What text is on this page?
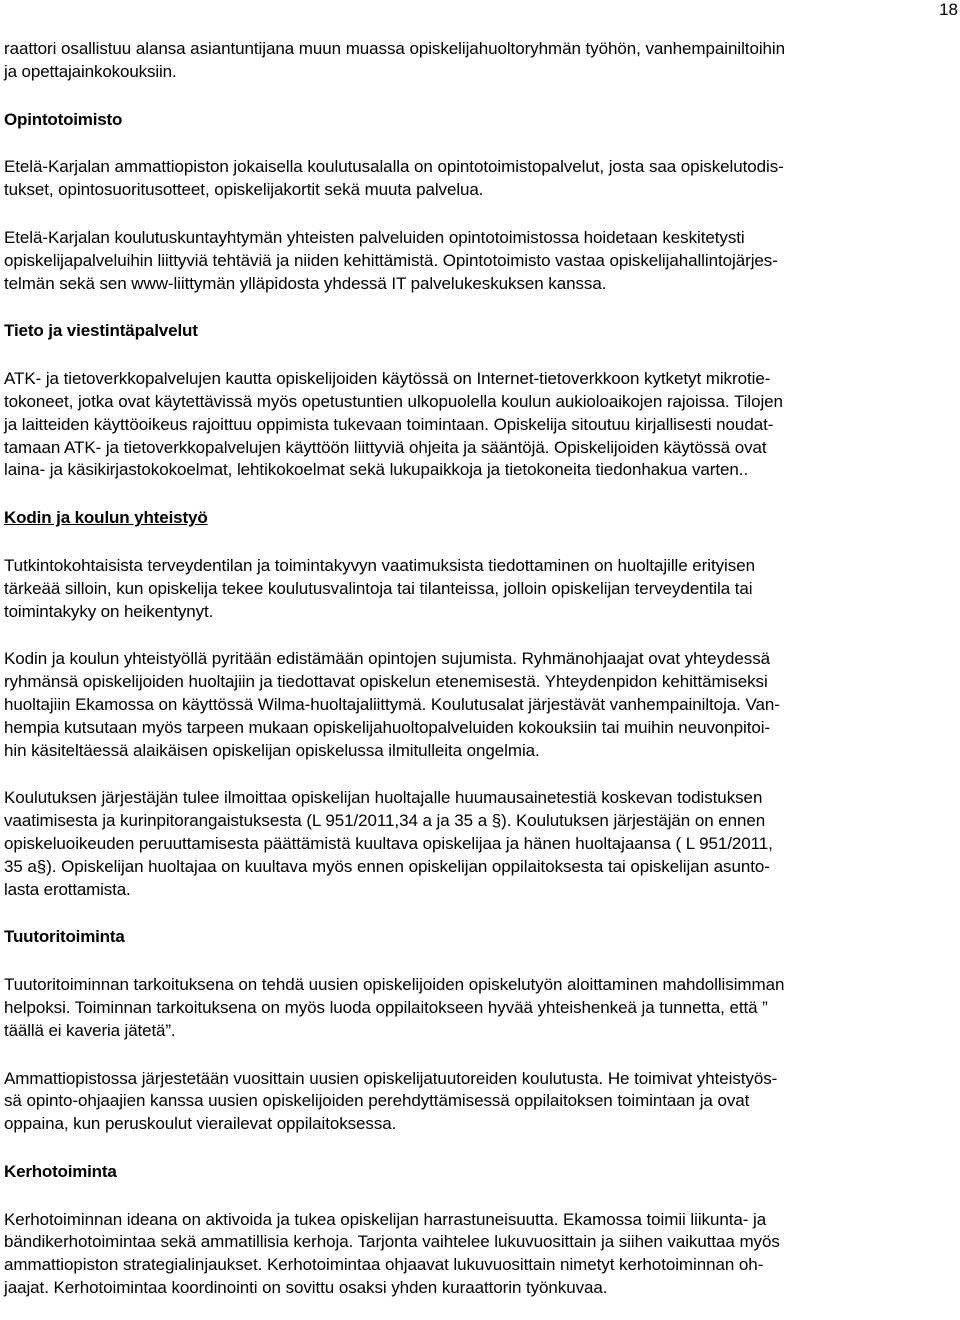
18
raattori osallistuu alansa asiantuntijana muun muassa opiskelijahuoltoryhmän työhön, vanhempainiltoihin
ja opettajainkokouksiin.
Opintotoimisto
Etelä-Karjalan ammattiopiston jokaisella koulutusalalla on opintotoimistopalvelut, josta saa opiskelutodis-
tukset, opintosuoritusotteet, opiskelijakortit sekä muuta palvelua.
Etelä-Karjalan koulutuskuntayhtymän yhteisten palveluiden opintotoimistossa hoidetaan keskitetysti
opiskelijapalveluihin liittyviä tehtäviä ja niiden kehittämistä. Opintotoimisto vastaa opiskelijahallintojärjes-
telmän sekä sen www-liittymän ylläpidosta yhdessä IT palvelukeskuksen kanssa.
Tieto ja viestintäpalvelut
ATK- ja tietoverkkopalvelujen kautta opiskelijoiden käytössä on Internet-tietoverkkoon kytketyt mikrotie-
tokoneet, jotka ovat käytettävissä myös opetustuntien ulkopuolella koulun aukioloaikojen rajoissa. Tilojen
ja laitteiden käyttöoikeus rajoittuu oppimista tukevaan toimintaan. Opiskelija sitoutuu kirjallisesti noudat-
tamaan ATK- ja tietoverkkopalvelujen käyttöön liittyviä ohjeita ja sääntöjä. Opiskelijoiden käytössä ovat
laina- ja käsikirjastokokoelmat, lehtikokoelmat sekä lukupaikkoja ja tietokoneita tiedonhakua varten..
Kodin ja koulun yhteistyö
Tutkintokohtaisista terveydentilan ja toimintakyvyn vaatimuksista tiedottaminen on huoltajille erityisen
tärkeää silloin, kun opiskelija tekee koulutusvalintoja tai tilanteissa, jolloin opiskelijan terveydentila tai
toimintakyky on heikentynyt.
Kodin ja koulun yhteistyöllä pyritään edistämään opintojen sujumista. Ryhmänohjaajat ovat yhteydessä
ryhmänsä opiskelijoiden huoltajiin ja tiedottavat opiskelun etenemisestä. Yhteydenpidon kehittämiseksi
huoltajiin Ekamossa on käyttössä Wilma-huoltajaliittymä. Koulutusalat järjestävät vanhempainiltoja. Van-
hempia kutsutaan myös tarpeen mukaan opiskelijahuoltopalveluiden kokouksiin tai muihin neuvonpitoi-
hin käsiteltäessä alaikäisen opiskelijan opiskelussa ilmitulleita ongelmia.
Koulutuksen järjestäjän tulee ilmoittaa opiskelijan huoltajalle huumausainetestiä koskevan todistuksen
vaatimisesta ja kurinpitorangaistuksesta (L 951/2011,34 a ja 35 a §). Koulutuksen järjestäjän on ennen
opiskeluoikeuden peruuttamisesta päättämistä kuultava opiskelijaa ja hänen huoltajaansa ( L 951/2011,
35 a§). Opiskelijan huoltajaa on kuultava myös ennen opiskelijan oppilaitoksesta tai opiskelijan asunto-
lasta erottamista.
Tuutoritoiminta
Tuutoritoiminnan tarkoituksena on tehdä uusien opiskelijoiden opiskelutyön aloittaminen mahdollisimman
helpoksi. Toiminnan tarkoituksena on myös luoda oppilaitokseen hyvää yhteishenkeä ja tunnetta, että ”
täällä ei kaveria jätetä”.
Ammattiopistossa järjestetään vuosittain uusien opiskelijatuutoreiden koulutusta. He toimivat yhteistyös-
sä opinto-ohjaajien kanssa uusien opiskelijoiden perehdyttämisessä oppilaitoksen toimintaan ja ovat
oppaina, kun peruskoulut vierailevat oppilaitoksessa.
Kerhotoiminta
Kerhotoiminnan ideana on aktivoida ja tukea opiskelijan harrastuneisuutta. Ekamossa toimii liikunta- ja
bändikerhotoimintaa sekä ammatillisia kerhoja. Tarjonta vaihtelee lukuvuosittain ja siihen vaikuttaa myös
ammattiopiston strategialinjaukset. Kerhotoimintaa ohjaavat lukuvuosittain nimetyt kerhotoiminnan oh-
jaajat. Kerhotoimintaa koordinointi on sovittu osaksi yhden kuraattorin työnkuvaa.
